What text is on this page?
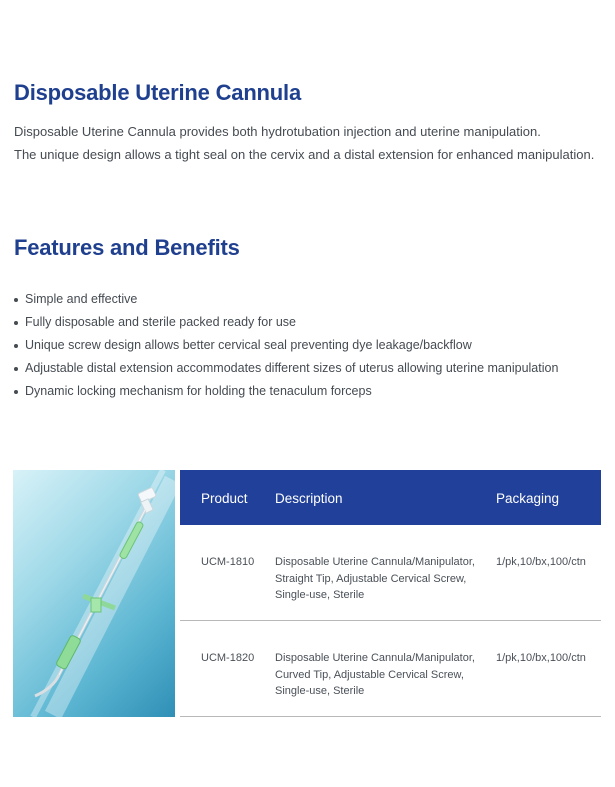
Disposable Uterine Cannula

Disposable Uterine Cannula provides both hydrotubation injection and uterine manipulation.

The unique design allows a tight seal on the cervix and a distal extension for enhanced manipulation.

Features and Benefits
Simple and effective
Fully disposable and sterile packed ready for use
Unique screw design allows better cervical seal preventing dye leakage/backflow
Adjustable distal extension accommodates different sizes of uterus allowing uterine manipulation
Dynamic locking mechanism for holding the tenaculum forceps
Product Description	Packaging
UCM-1810 Disposable Uterine Cannula/Manipulator, Straight Tip, Adjustable Cervical Screw, Single-use, Sterile
1/pk,10/bx,100/ctn
UCM-1820 Disposable Uterine Cannula/Manipulator, Curved Tip, Adjustable Cervical Screw, Single-use, Sterile
1/pk,10/bx,100/ctn
